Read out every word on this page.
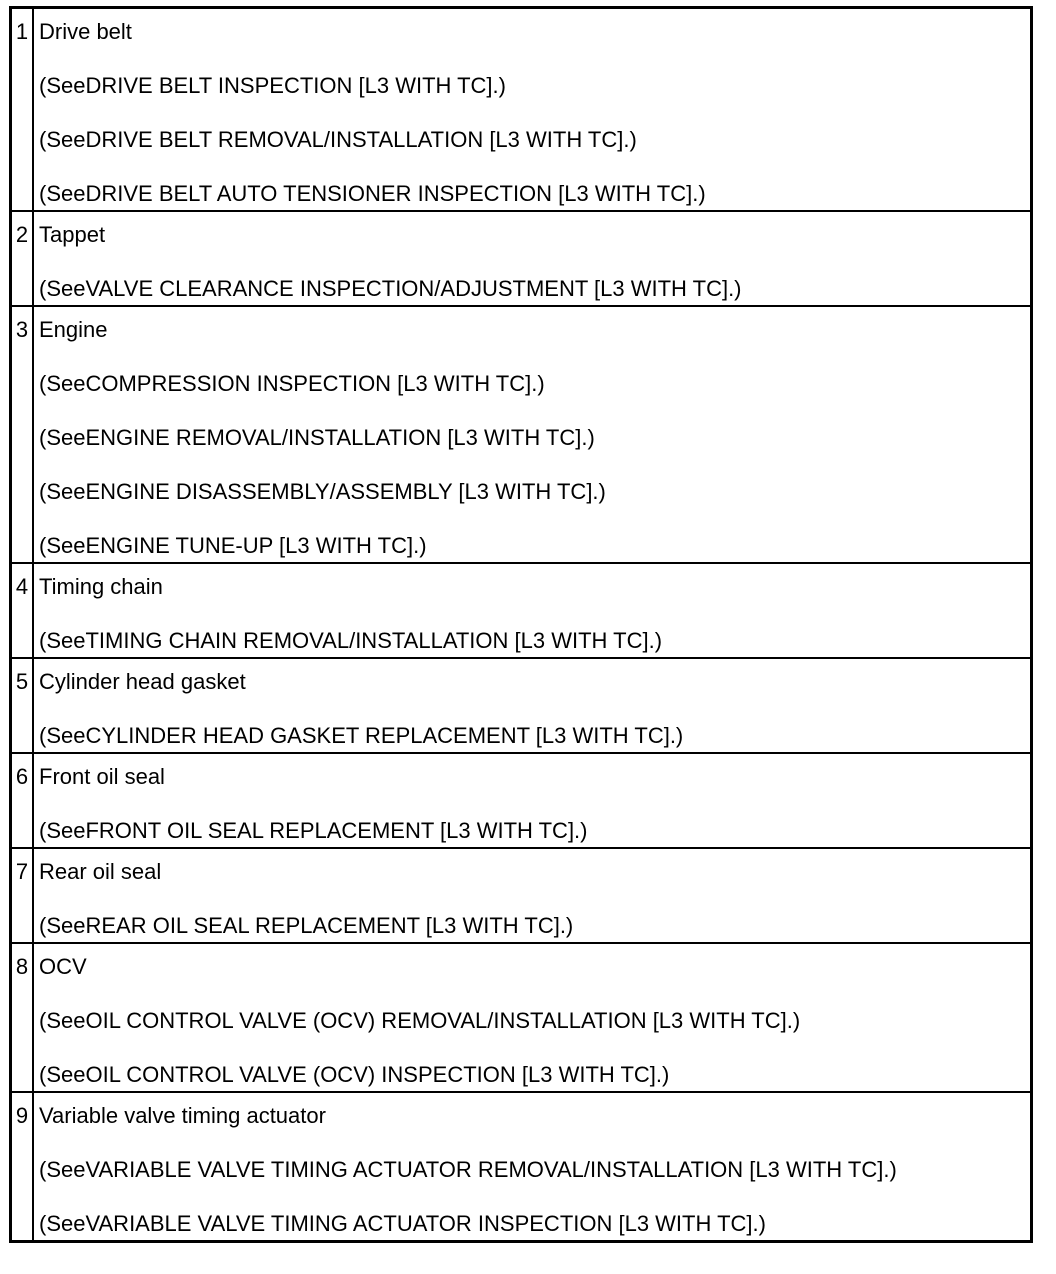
1	Drive belt
(SeeDRIVE BELT INSPECTION [L3 WITH TC].)
(SeeDRIVE BELT REMOVAL/INSTALLATION [L3 WITH TC].)
(SeeDRIVE BELT AUTO TENSIONER INSPECTION [L3 WITH TC].)

2	Tappet
(SeeVALVE CLEARANCE INSPECTION/ADJUSTMENT [L3 WITH TC].)

3	Engine
(SeeCOMPRESSION INSPECTION [L3 WITH TC].)
(SeeENGINE REMOVAL/INSTALLATION [L3 WITH TC].)
(SeeENGINE DISASSEMBLY/ASSEMBLY [L3 WITH TC].)
(SeeENGINE TUNE-UP [L3 WITH TC].)

4	Timing chain
(SeeTIMING CHAIN REMOVAL/INSTALLATION [L3 WITH TC].)

5	Cylinder head gasket
(SeeCYLINDER HEAD GASKET REPLACEMENT [L3 WITH TC].)

6	Front oil seal
(SeeFRONT OIL SEAL REPLACEMENT [L3 WITH TC].)

7	Rear oil seal
(SeeREAR OIL SEAL REPLACEMENT [L3 WITH TC].)

8	OCV
(SeeOIL CONTROL VALVE (OCV) REMOVAL/INSTALLATION [L3 WITH TC].)
(SeeOIL CONTROL VALVE (OCV) INSPECTION [L3 WITH TC].)

9	Variable valve timing actuator
(SeeVARIABLE VALVE TIMING ACTUATOR REMOVAL/INSTALLATION [L3 WITH TC].)
(SeeVARIABLE VALVE TIMING ACTUATOR INSPECTION [L3 WITH TC].)
